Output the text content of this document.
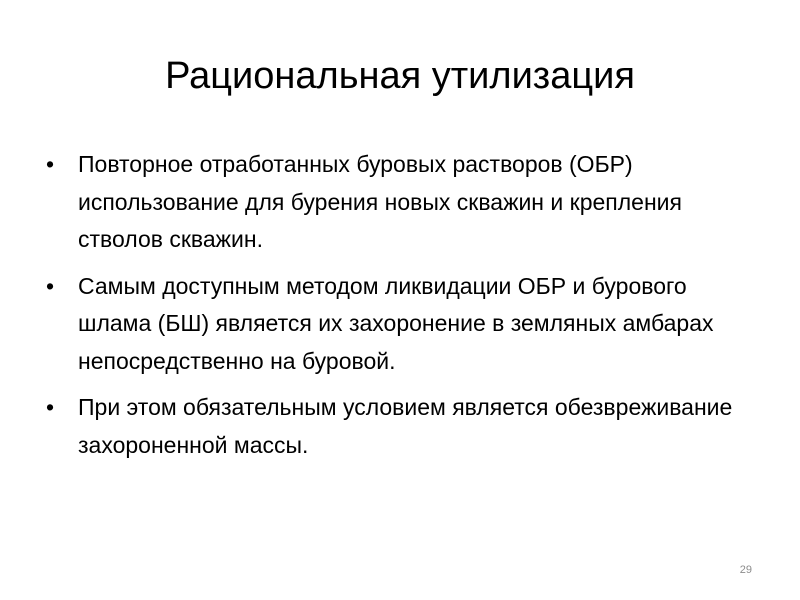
Рациональная утилизация
•	Повторное отработанных буровых растворов (ОБР) использование для бурения новых скважин и крепления стволов скважин.
•	Самым доступным методом ликвидации ОБР и бурового шлама (БШ) является их захоронение в земляных амбарах непосредственно на буровой.
•	При этом обязательным условием является обезвреживание захороненной массы.
29
